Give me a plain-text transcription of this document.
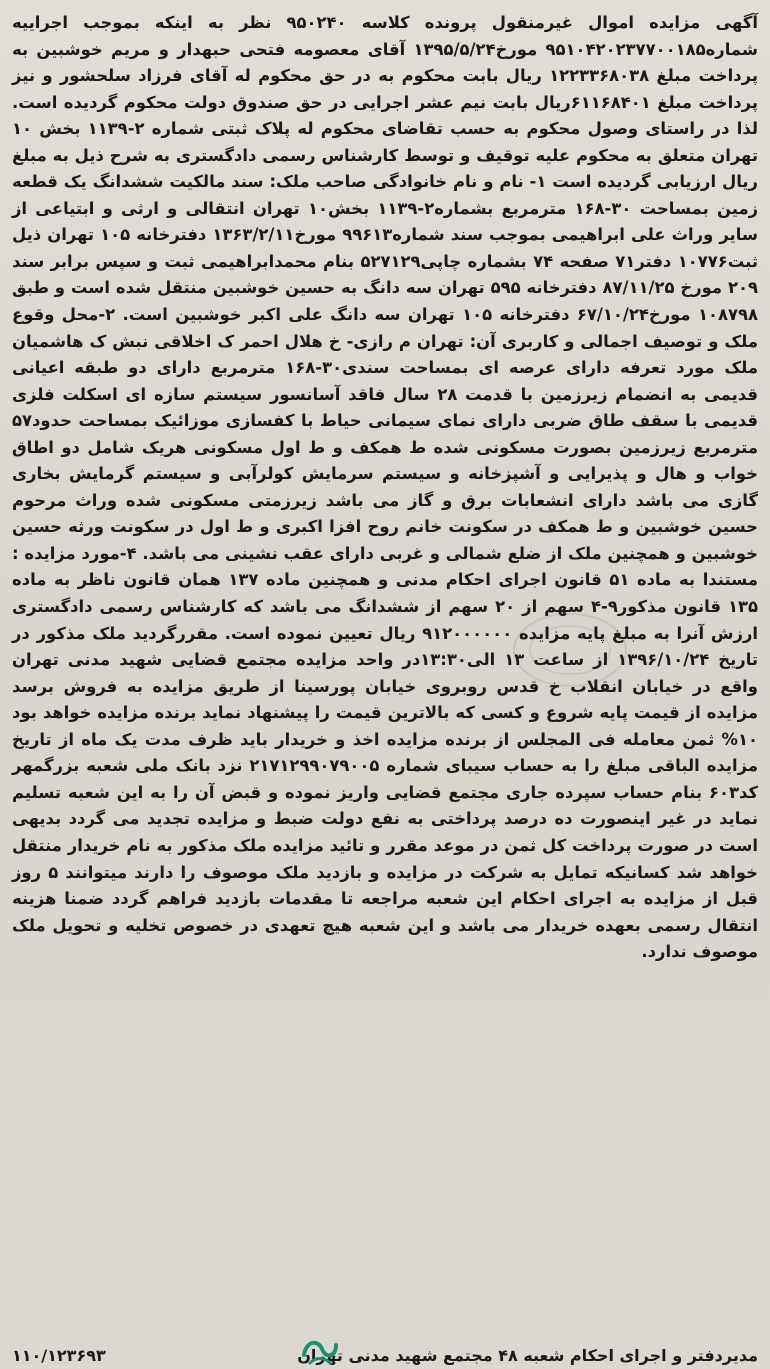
آگهی مزایده اموال غیرمنقول پرونده کلاسه ۹۵۰۲۴۰ نظر به اینکه بموجب اجراییه شماره۹۵۱۰۴۲۰۲۳۷۷۰۰۱۸۵ مورخ۱۳۹۵/۵/۲۴ آقای معصومه فتحی حبهدار و مریم خوشبین به پرداخت مبلغ ۱۲۲۳۳۶۸۰۳۸ ریال بابت محکوم به در حق محکوم له آقای فرزاد سلحشور و نیز پرداخت مبلغ ۶۱۱۶۸۴۰۱ریال بابت نیم عشر اجرایی در حق صندوق دولت محکوم گردیده است. لذا در راستای وصول محکوم به حسب تقاضای محکوم له پلاک ثبتی شماره ۲-۱۱۳۹ بخش ۱۰ تهران متعلق به محکوم علیه توقیف و توسط کارشناس رسمی دادگستری به شرح ذیل به مبلغ ریال ارزیابی گردیده است ۱- نام و نام خانوادگی صاحب ملک: سند مالکیت ششدانگ یک قطعه زمین بمساحت ۳۰-۱۶۸ مترمربع بشماره۲-۱۱۳۹ بخش۱۰ تهران انتقالی و ارثی و ابتیاعی از سایر وراث علی ابراهیمی بموجب سند شماره۹۹۶۱۳ مورخ۱۳۶۳/۲/۱۱ دفترخانه ۱۰۵ تهران ذیل ثبت۱۰۷۷۶ دفتر۷۱ صفحه ۷۴ بشماره چاپی۵۲۷۱۲۹ بنام محمدابراهیمی ثبت و سپس برابر سند ۲۰۹ مورخ ۸۷/۱۱/۲۵ دفترخانه ۵۹۵ تهران سه دانگ به حسین خوشبین منتقل شده است و طبق ۱۰۸۷۹۸ مورخ۶۷/۱۰/۲۴ دفترخانه ۱۰۵ تهران سه دانگ علی اکبر خوشبین است. ۲-محل وقوع ملک و توصیف اجمالی و کاربری آن: تهران م رازی- خ هلال احمر ک اخلاقی نبش ک هاشمیان ملک مورد تعرفه دارای عرصه ای بمساحت سندی۳۰-۱۶۸ مترمربع دارای دو طبقه اعیانی قدیمی به انضمام زیرزمین با قدمت ۲۸ سال فاقد آسانسور سیستم سازه ای اسکلت فلزی قدیمی با سقف طاق ضربی دارای نمای سیمانی حیاط با کفسازی موزائیک بمساحت حدود۵۷ مترمربع زیرزمین بصورت مسکونی شده ط همکف و ط اول مسکونی هریک شامل دو اطاق خواب و هال و پذیرایی و آشپزخانه و سیستم سرمایش کولرآبی و سیستم گرمایش بخاری گازی می باشد دارای انشعابات برق و گاز می باشد زیرزمتی مسکونی شده وراث مرحوم حسین خوشبین و ط همکف در سکونت خانم روح افزا اکبری و ط اول در سکونت ورثه حسین خوشبین و همچنین ملک از ضلع شمالی و غربی دارای عقب نشینی می باشد. ۴-مورد مزایده : مستندا به ماده ۵۱ قانون اجرای احکام مدنی و همچنین ماده ۱۳۷ همان قانون ناظر به ماده ۱۳۵ قانون مذکور۹-۴ سهم از ۲۰ سهم از ششدانگ می باشد که کارشناس رسمی دادگستری ارزش آنرا به مبلغ پایه مزایده ۹۱۲۰۰۰۰۰۰ ریال تعیین نموده است. مقررگردید ملک مذکور در تاریخ ۱۳۹۶/۱۰/۲۴ از ساعت ۱۳ الی۱۳:۳۰در واحد مزایده مجتمع قضایی شهید مدنی تهران واقع در خیابان انقلاب خ قدس روبروی خیابان پورسینا از طریق مزایده به فروش برسد مزایده از قیمت پایه شروع و کسی که بالاترین قیمت را پیشنهاد نماید برنده مزایده خواهد بود ۱۰% ثمن معامله فی المجلس از برنده مزایده اخذ و خریدار باید ظرف مدت یک ماه از تاریخ مزایده الباقی مبلغ را به حساب سیبای شماره ۲۱۷۱۲۹۹۰۷۹۰۰۵ نزد بانک ملی شعبه بزرگمهر کد۶۰۳ بنام حساب سپرده جاری مجتمع قضایی واریز نموده و قبض آن را به این شعبه تسلیم نماید در غیر اینصورت ده درصد پرداختی به نفع دولت ضبط و مزایده تجدید می گردد بدیهی است در صورت پرداخت کل ثمن در موعد مقرر و تائید مزایده ملک مذکور به نام خریدار منتقل خواهد شد کسانیکه تمایل به شرکت در مزایده و بازدید ملک موصوف را دارند میتوانند ۵ روز قبل از مزایده به اجرای احکام این شعبه مراجعه تا مقدمات بازدید فراهم گردد ضمنا هزینه انتقال رسمی بعهده خریدار می باشد و این شعبه هیچ تعهدی در خصوص تخلیه و تحویل ملک موصوف ندارد.

مدیردفتر و اجرای احکام شعبه ۴۸ مجتمع شهید مدنی تهران
۱۱۰/۱۲۳۶۹۳
